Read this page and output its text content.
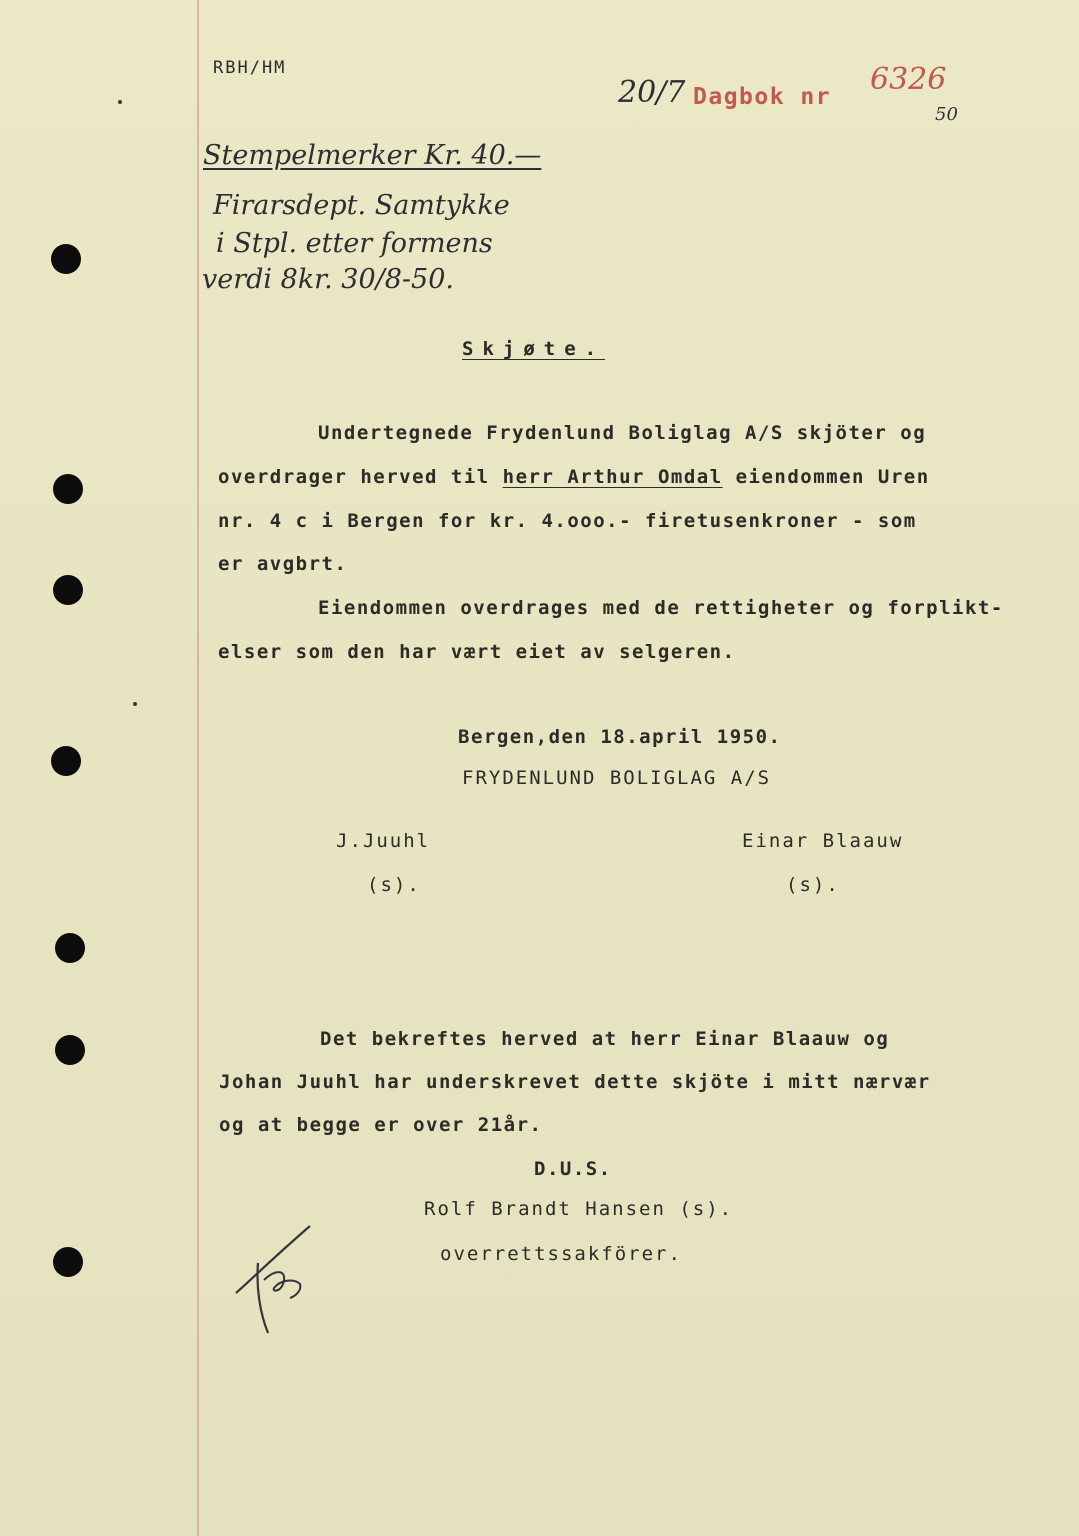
RBH/HM
20/7 Dagbok nr 6326
50
Stempelmerker Kr. 40.—
Firarsdept. Samtykke
i Stpl. etter formens
verdi 8kr. 30/8-50.
Skjøte.
Undertegnede Frydenlund Boliglag A/S skjöter og
overdrager herved til herr Arthur Omdal eiendommen Uren
nr. 4 c i Bergen for kr. 4.ooo.- firetusenkroner - som
er avgbrt.
Eiendommen overdrages med de rettigheter og forplikt-
elser som den har vært eiet av selgeren.
Bergen,den 18.april 1950.
FRYDENLUND BOLIGLAG A/S
J.Juuhl
(s).
Einar Blaauw
(s).
Det bekreftes herved at herr Einar Blaauw og
Johan Juuhl har underskrevet dette skjöte i mitt nærvær
og at begge er over 21år.
D.U.S.
Rolf Brandt Hansen (s).
overrettssakförer.
